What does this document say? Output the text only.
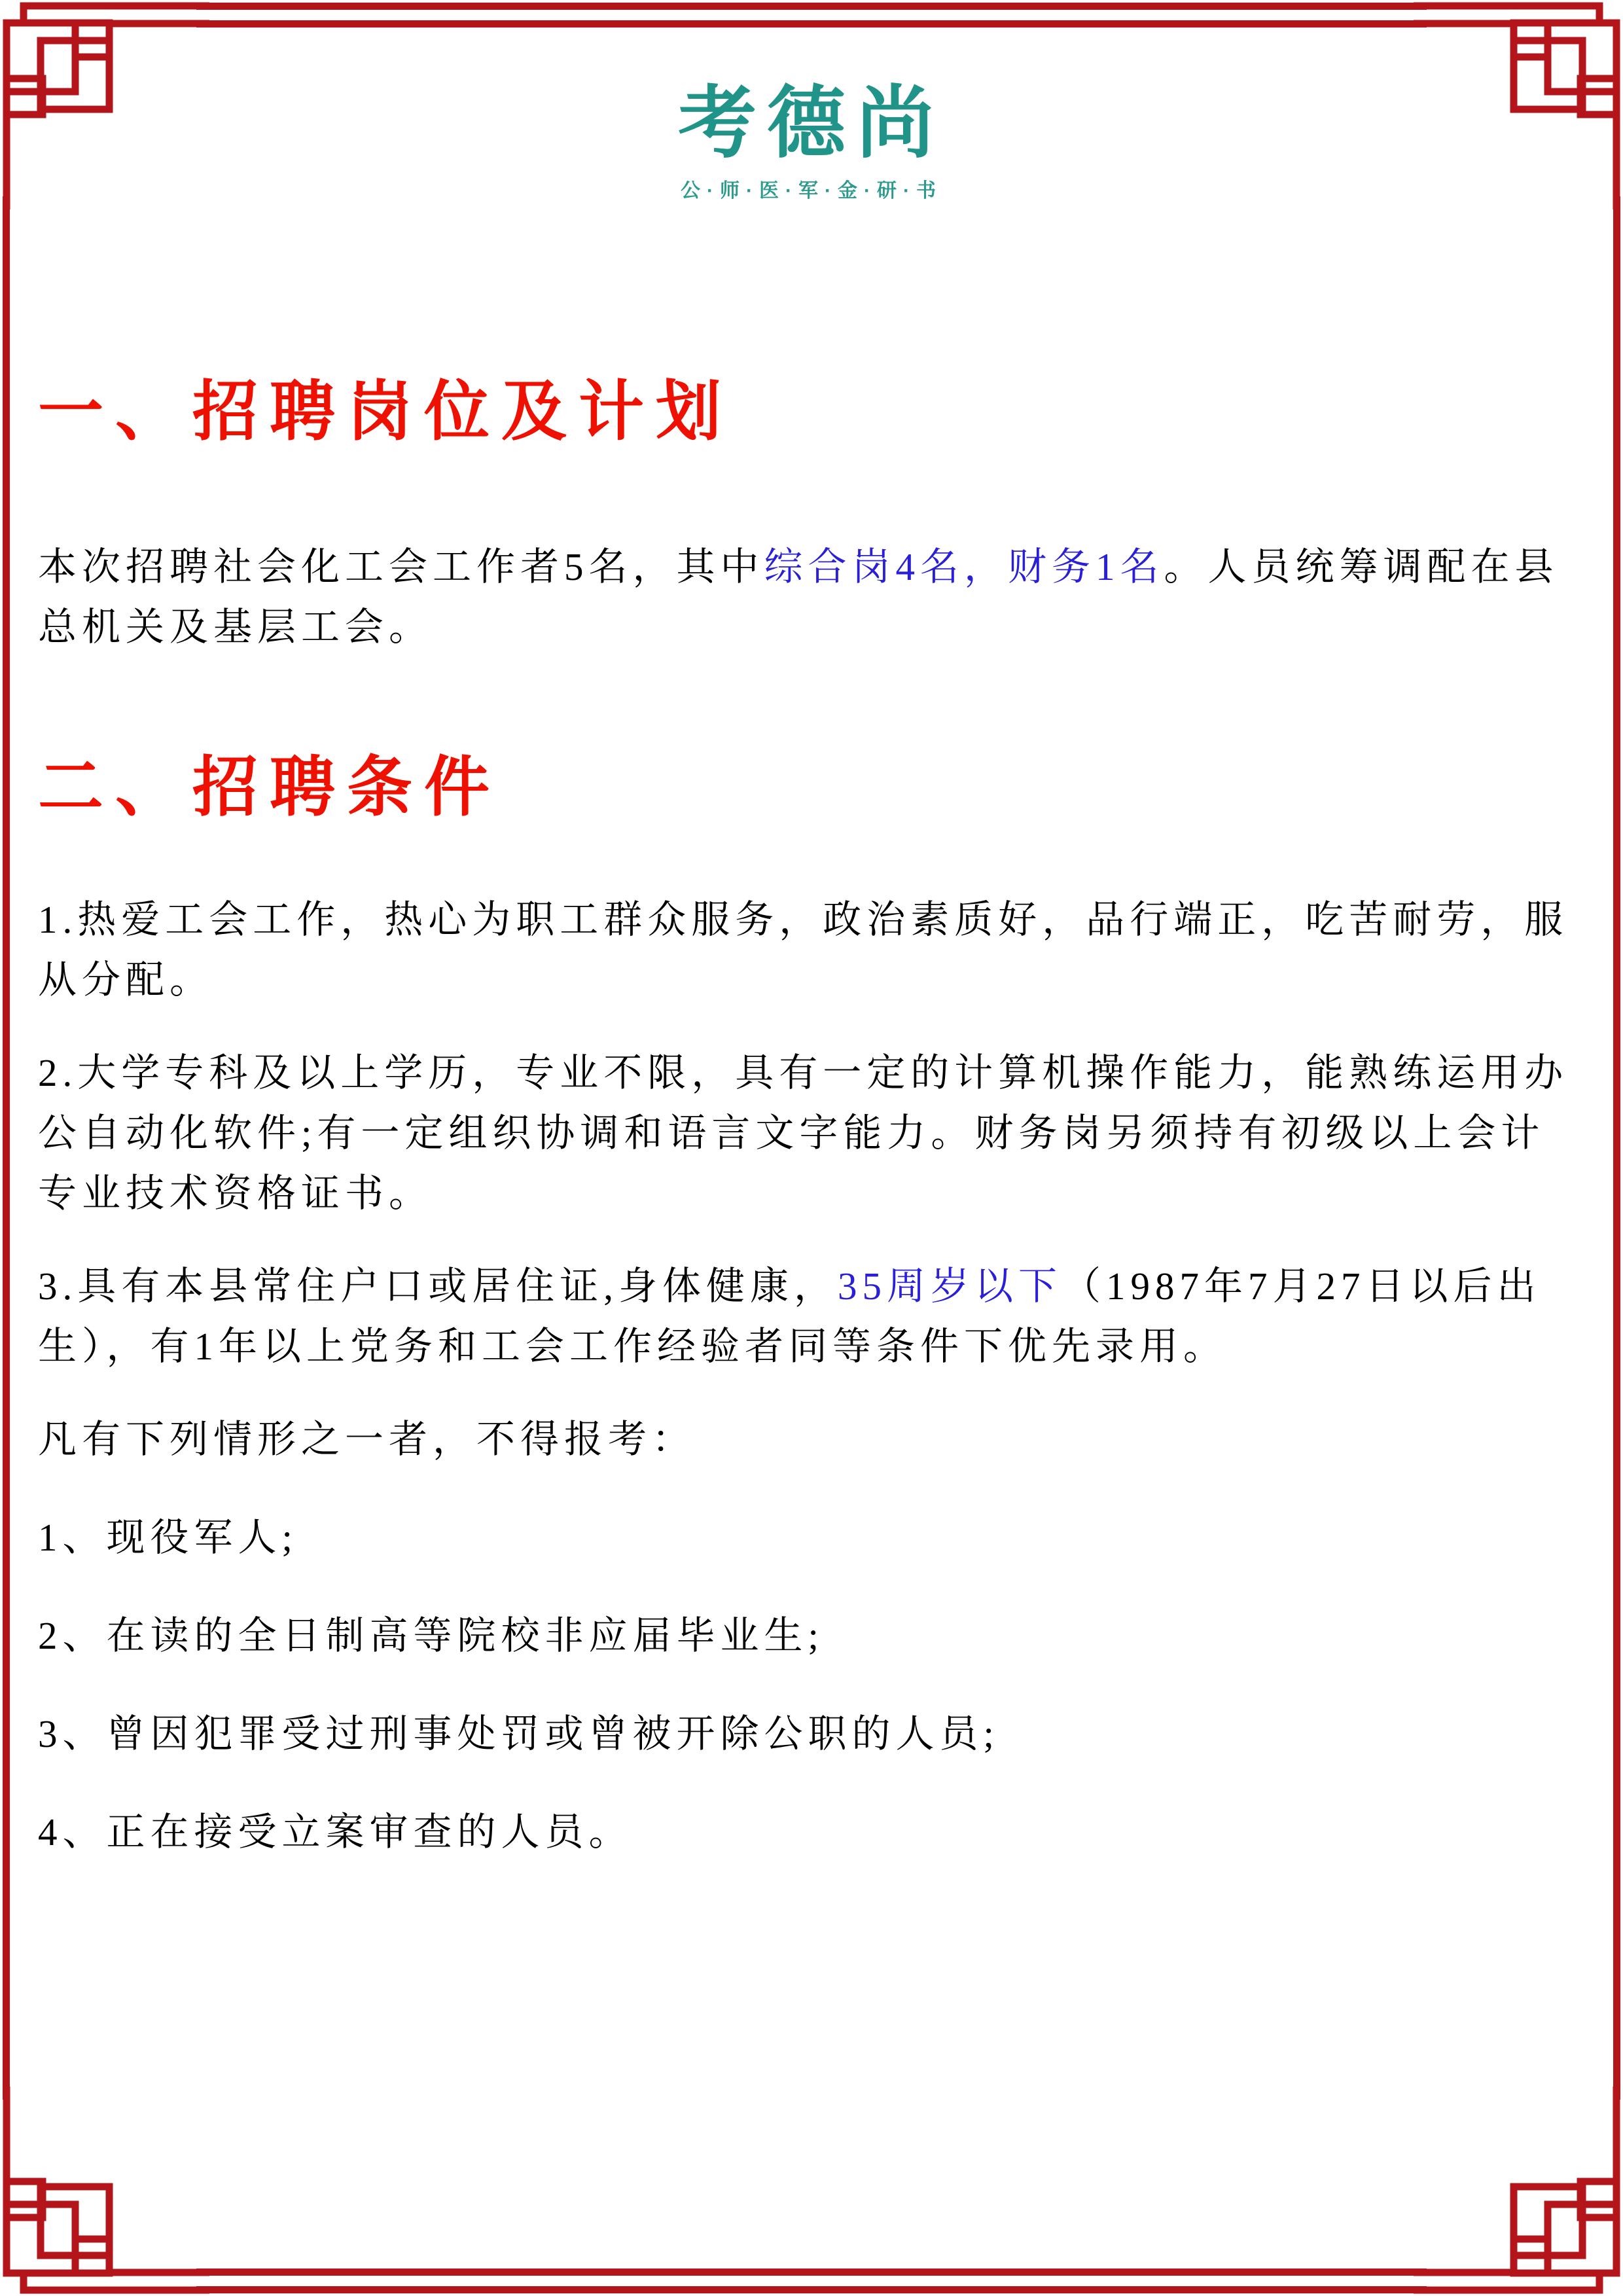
考德尚
公·师·医·军·金·研·书
一、招聘岗位及计划

本次招聘社会化工会工作者5名，其中综合岗4名，财务1名。人员统筹调配在县总机关及基层工会。

二、招聘条件

1.热爱工会工作，热心为职工群众服务，政治素质好，品行端正，吃苦耐劳，服从分配。

2.大学专科及以上学历，专业不限，具有一定的计算机操作能力，能熟练运用办公自动化软件;有一定组织协调和语言文字能力。财务岗另须持有初级以上会计专业技术资格证书。

3.具有本县常住户口或居住证,身体健康，35周岁以下（1987年7月27日以后出生），有1年以上党务和工会工作经验者同等条件下优先录用。

凡有下列情形之一者，不得报考：

1、现役军人;

2、在读的全日制高等院校非应届毕业生;

3、曾因犯罪受过刑事处罚或曾被开除公职的人员;

4、正在接受立案审查的人员。
